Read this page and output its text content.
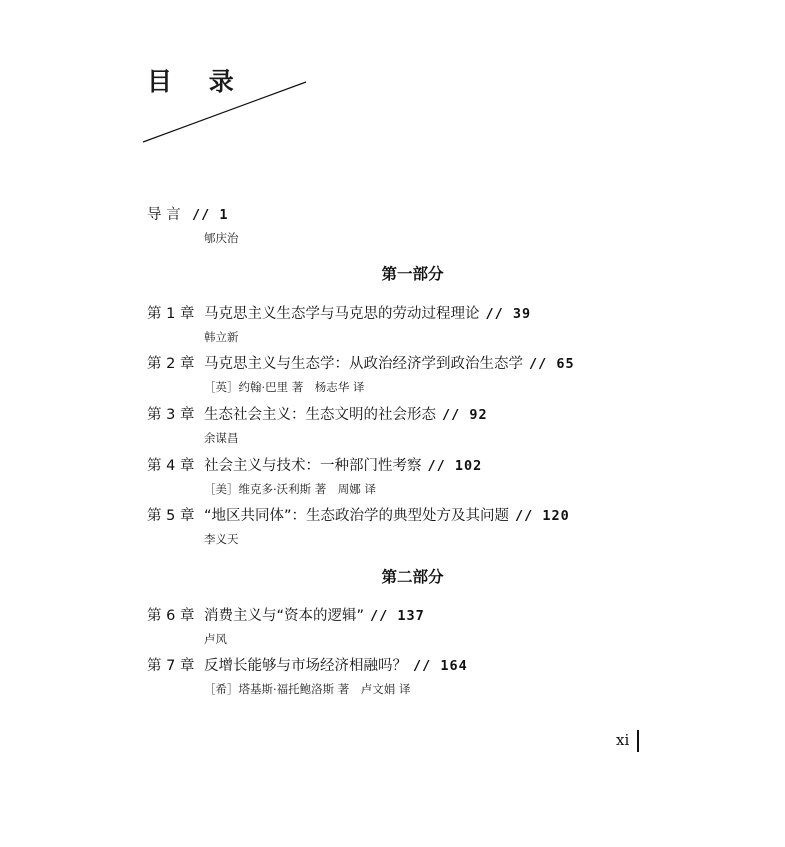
目 录
导 言 // 1
郇庆治
第一部分
第 1 章 马克思主义生态学与马克思的劳动过程理论 // 39
韩立新
第 2 章 马克思主义与生态学：从政治经济学到政治生态学 // 65
［英］约翰·巴里 著　杨志华 译
第 3 章 生态社会主义：生态文明的社会形态 // 92
余谋昌
第 4 章 社会主义与技术：一种部门性考察 // 102
［美］维克多·沃利斯 著　周娜 译
第 5 章 “地区共同体”：生态政治学的典型处方及其问题 // 120
李义天
第二部分
第 6 章 消费主义与“资本的逻辑” // 137
卢风
第 7 章 反增长能够与市场经济相融吗？ // 164
［希］塔基斯·福托鲍洛斯 著　卢文娟 译
xi
